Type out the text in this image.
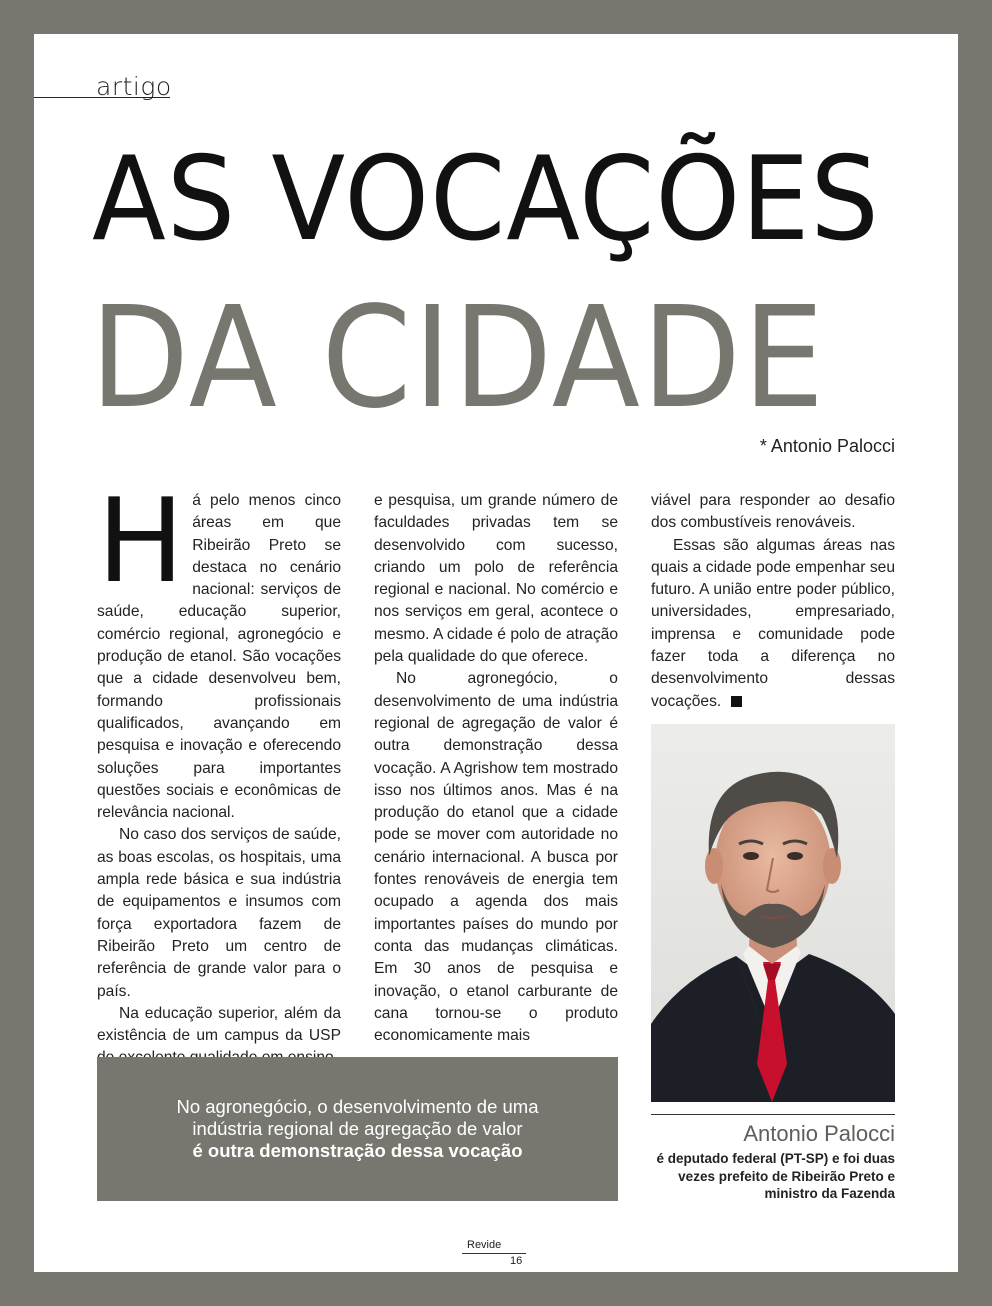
artigo
AS VOCAÇÕES
DA CIDADE
* Antonio Palocci
H á pelo menos cinco áreas em que Ribeirão Preto se destaca no cenário nacional: serviços de saúde, educação superior, comércio regional, agronegócio e produção de etanol. São vocações que a cidade desenvolveu bem, formando profissionais qualificados, avançando em pesquisa e inovação e oferecendo soluções para importantes questões sociais e econômicas de relevância nacional.

No caso dos serviços de saúde, as boas escolas, os hospitais, uma ampla rede básica e sua indústria de equipamentos e insumos com força exportadora fazem de Ribeirão Preto um centro de referência de grande valor para o país.

Na educação superior, além da existência de um campus da USP

e pesquisa, um grande número de faculdades privadas tem se desenvolvido com sucesso, criando um polo de referência regional e nacional. No comércio e nos serviços em geral, acontece o mesmo. A cidade é polo de atração pela qualidade do que oferece.

No agronegócio, o desenvolvimento de uma indústria regional de agregação de valor é outra demonstração dessa vocação. A Agrishow tem mostrado isso nos últimos anos. Mas é na produção do etanol que a cidade pode se mover com autoridade no cenário internacional. A busca por fontes renováveis de energia tem ocupado a agenda dos mais importantes países do mundo por conta das mudanças climáticas. Em 30 anos de pesquisa e inovação, o etanol carburante de cana tornou-se o produto economicamente mais

viável para responder ao desafio dos combustíveis renováveis.

Essas são algumas áreas nas quais a cidade pode empenhar seu futuro. A união entre poder público, universidades, empresariado, imprensa e comunidade pode fazer toda a diferença no desenvolvimento dessas vocações.

No agronegócio, o desenvolvimento de uma
indústria regional de agregação de valor
é outra demonstração dessa vocação
Antonio Palocci
é deputado federal (PT-SP) e foi duas vezes prefeito de Ribeirão Preto e ministro da Fazenda
Revide
16
